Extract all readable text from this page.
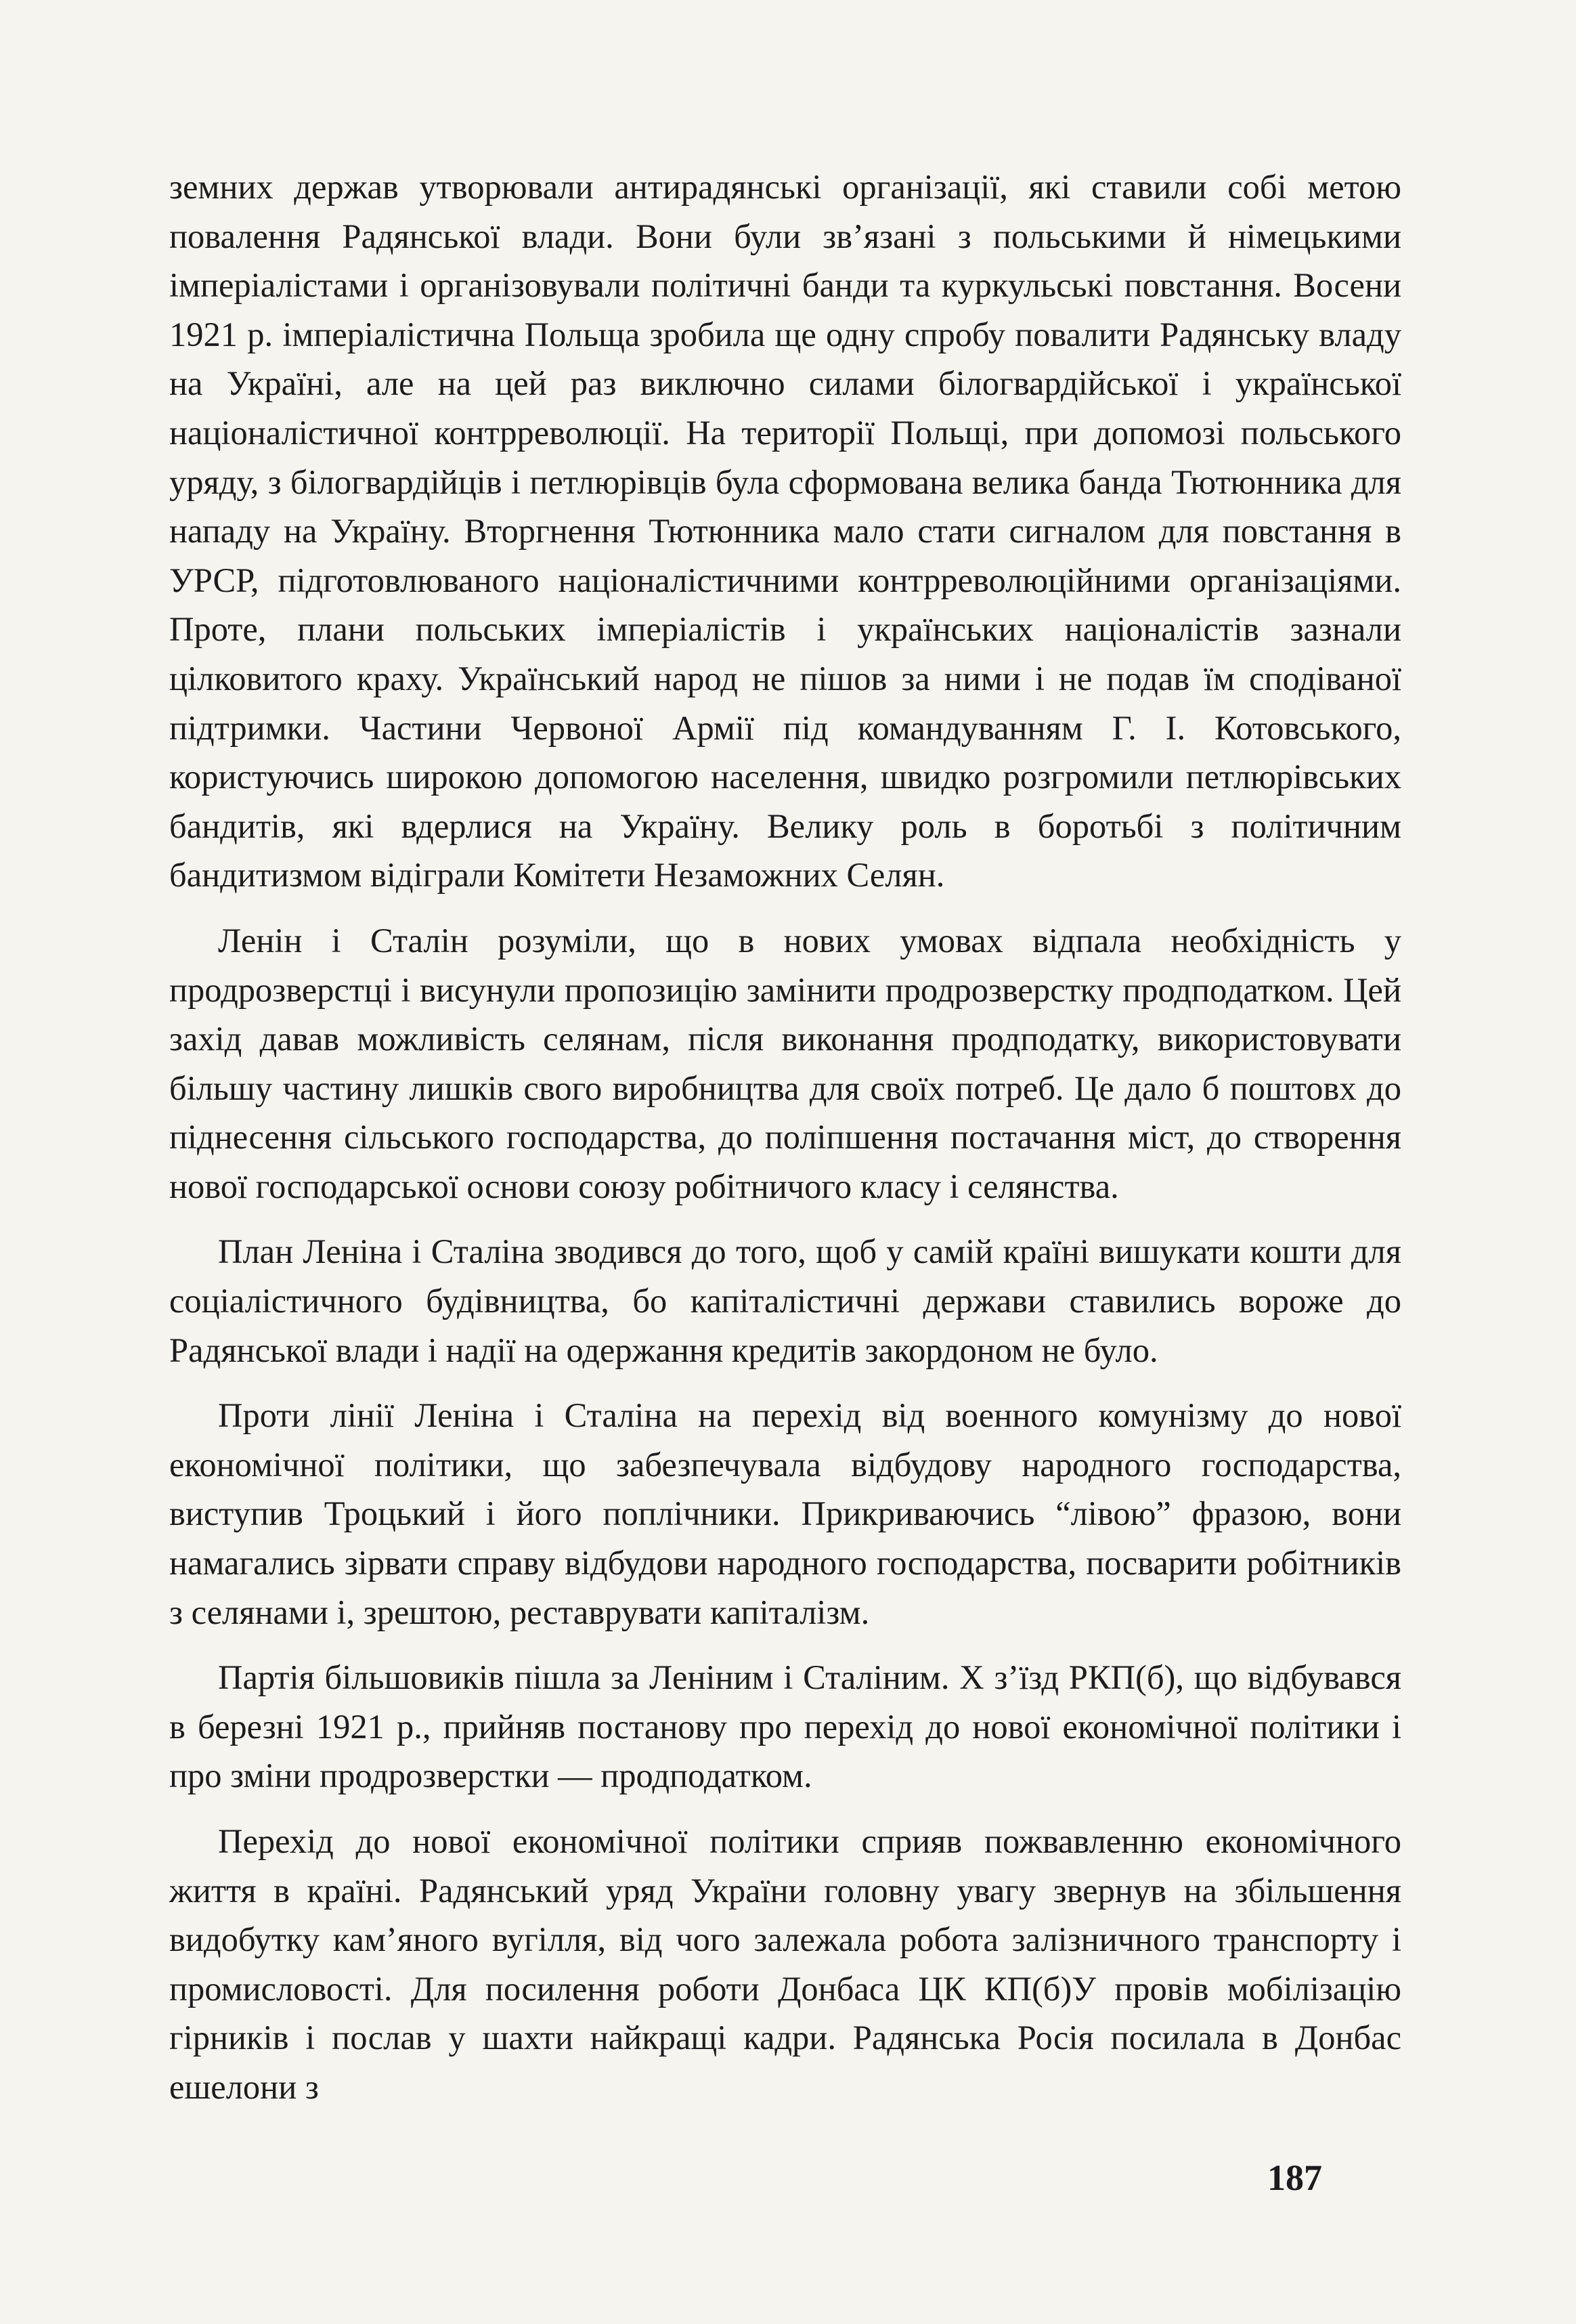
земних держав утворювали антирадянські організації, які ставили собі метою повалення Радянської влади. Вони були зв’язані з польськими й німецькими імперіалістами і організовували політичні банди та куркульські повстання. Восени 1921 р. імперіалістична Польща зробила ще одну спробу повалити Радянську владу на Україні, але на цей раз виключно силами білогвардійської і української націоналістичної контрреволюції. На території Польщі, при допомозі польського уряду, з білогвардійців і петлюрівців була сформована велика банда Тютюнника для нападу на Україну. Вторгнення Тютюнника мало стати сигналом для повстання в УРСР, підготовлюваного націоналістичними контрреволюційними організаціями. Проте, плани польських імперіалістів і українських націоналістів зазнали цілковитого краху. Український народ не пішов за ними і не подав їм сподіваної підтримки. Частини Червоної Армії під командуванням Г. І. Котовського, користуючись широкою допомогою населення, швидко розгромили петлюрівських бандитів, які вдерлися на Україну. Велику роль в боротьбі з політичним бандитизмом відіграли Комітети Незаможних Селян.

Ленін і Сталін розуміли, що в нових умовах відпала необхідність у продрозверстці і висунули пропозицію замінити продрозверстку продподатком. Цей захід давав можливість селянам, після виконання продподатку, використовувати більшу частину лишків свого виробництва для своїх потреб. Це дало б поштовх до піднесення сільського господарства, до поліпшення постачання міст, до створення нової господарської основи союзу робітничого класу і селянства.

План Леніна і Сталіна зводився до того, щоб у самій країні вишукати кошти для соціалістичного будівництва, бо капіталістичні держави ставились вороже до Радянської влади і надії на одержання кредитів закордоном не було.

Проти лінії Леніна і Сталіна на перехід від военного комунізму до нової економічної політики, що забезпечувала відбудову народного господарства, виступив Троцький і його поплічники. Прикриваючись “лівою” фразою, вони намагались зірвати справу відбудови народного господарства, посварити робітників з селянами і, зрештою, реставрувати капіталізм.

Партія більшовиків пішла за Леніним і Сталіним. X з’їзд РКП(б), що відбувався в березні 1921 р., прийняв постанову про перехід до нової економічної політики і про зміни продрозверстки — продподатком.

Перехід до нової економічної політики сприяв пожвавленню економічного життя в країні. Радянський уряд України головну увагу звернув на збільшення видобутку кам’яного вугілля, від чого залежала робота залізничного транспорту і промисловості. Для посилення роботи Донбаса ЦК КП(б)У провів мобілізацію гірників і послав у шахти найкращі кадри. Радянська Росія посилала в Донбас ешелони з

187
